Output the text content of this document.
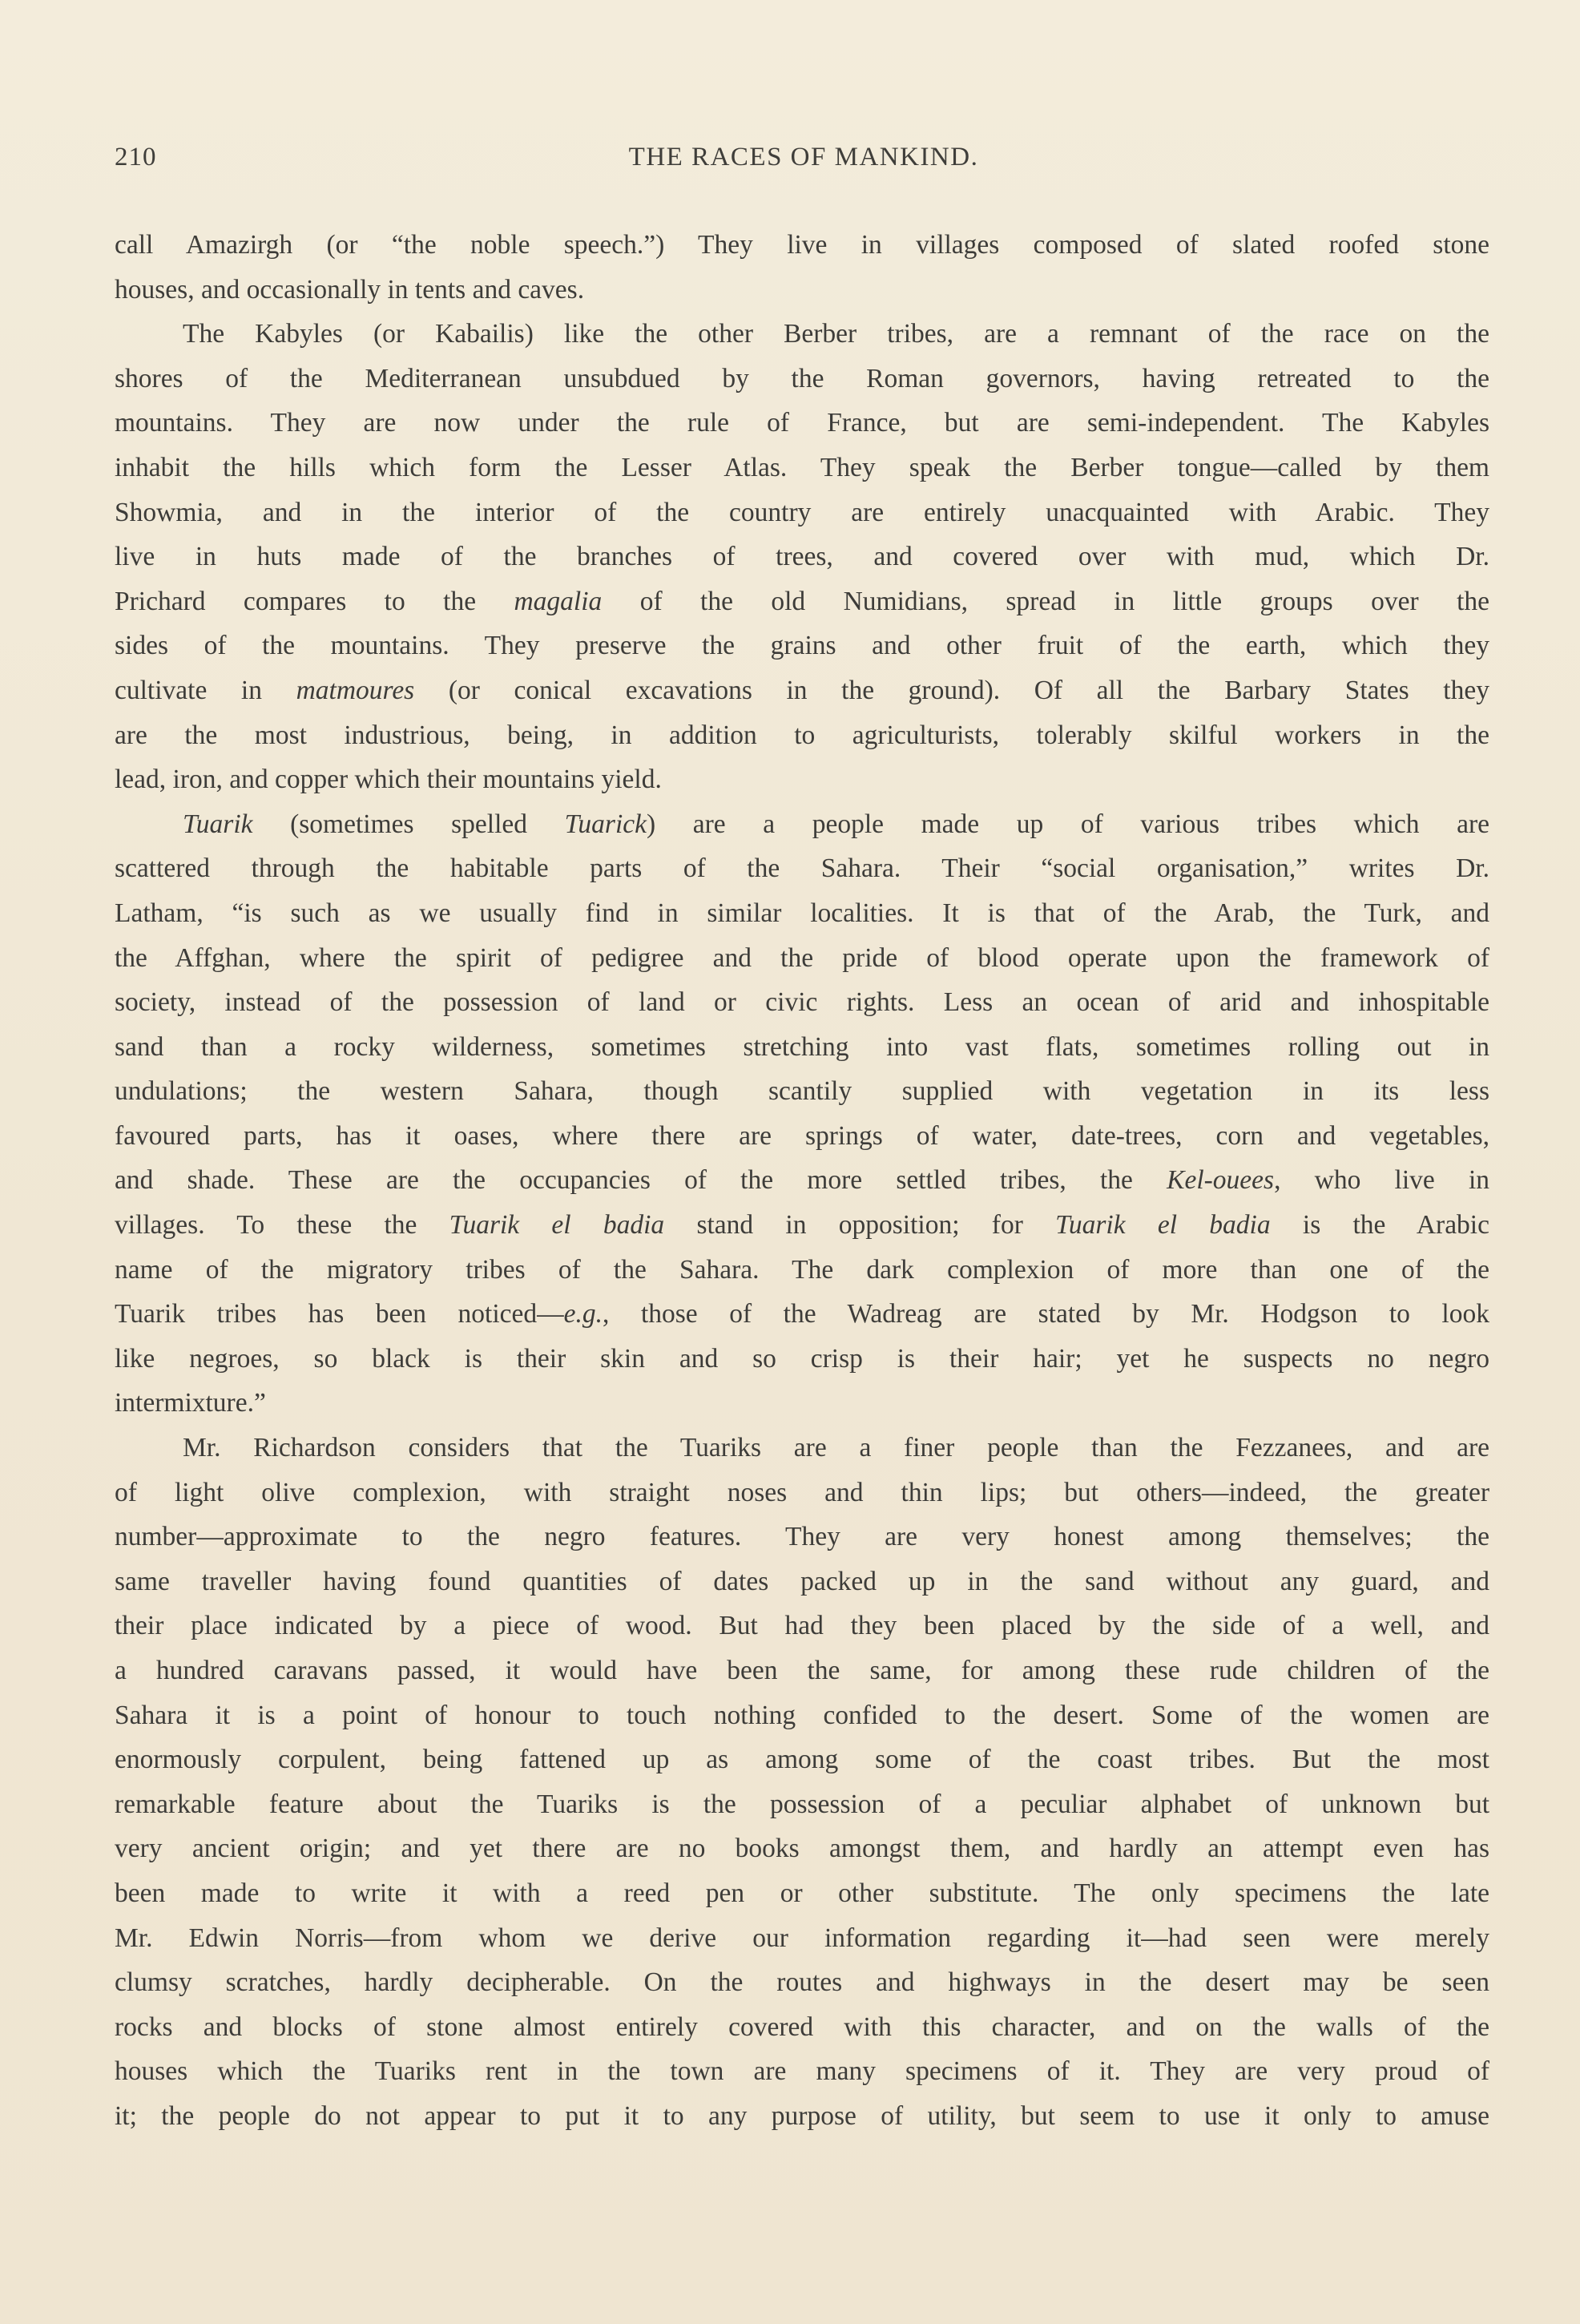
210	THE RACES OF MANKIND.
call Amazirgh (or “the noble speech.”) They live in villages composed of slated roofed stone
houses, and occasionally in tents and caves.
The Kabyles (or Kabailis) like the other Berber tribes, are a remnant of the race on the
shores of the Mediterranean unsubdued by the Roman governors, having retreated to the
mountains. They are now under the rule of France, but are semi-independent. The Kabyles
inhabit the hills which form the Lesser Atlas. They speak the Berber tongue—called by them
Showmia, and in the interior of the country are entirely unacquainted with Arabic. They
live in huts made of the branches of trees, and covered over with mud, which Dr.
Prichard compares to the magalia of the old Numidians, spread in little groups over the
sides of the mountains. They preserve the grains and other fruit of the earth, which they
cultivate in matmoures (or conical excavations in the ground). Of all the Barbary States they
are the most industrious, being, in addition to agriculturists, tolerably skilful workers in the
lead, iron, and copper which their mountains yield.
Tuarik (sometimes spelled Tuarick) are a people made up of various tribes which are
scattered through the habitable parts of the Sahara. Their “social organisation,” writes Dr.
Latham, “is such as we usually find in similar localities. It is that of the Arab, the Turk, and
the Affghan, where the spirit of pedigree and the pride of blood operate upon the framework of
society, instead of the possession of land or civic rights. Less an ocean of arid and inhospitable
sand than a rocky wilderness, sometimes stretching into vast flats, sometimes rolling out in
undulations; the western Sahara, though scantily supplied with vegetation in its less
favoured parts, has it oases, where there are springs of water, date-trees, corn and vegetables,
and shade. These are the occupancies of the more settled tribes, the Kel-ouees, who live in
villages. To these the Tuarik el badia stand in opposition; for Tuarik el badia is the Arabic
name of the migratory tribes of the Sahara. The dark complexion of more than one of the
Tuarik tribes has been noticed—e.g., those of the Wadreag are stated by Mr. Hodgson to look
like negroes, so black is their skin and so crisp is their hair; yet he suspects no negro
intermixture.”
Mr. Richardson considers that the Tuariks are a finer people than the Fezzanees, and are
of light olive complexion, with straight noses and thin lips; but others—indeed, the greater
number—approximate to the negro features. They are very honest among themselves; the
same traveller having found quantities of dates packed up in the sand without any guard, and
their place indicated by a piece of wood. But had they been placed by the side of a well, and
a hundred caravans passed, it would have been the same, for among these rude children of the
Sahara it is a point of honour to touch nothing confided to the desert. Some of the women are
enormously corpulent, being fattened up as among some of the coast tribes. But the most
remarkable feature about the Tuariks is the possession of a peculiar alphabet of unknown but
very ancient origin; and yet there are no books amongst them, and hardly an attempt even has
been made to write it with a reed pen or other substitute. The only specimens the late
Mr. Edwin Norris—from whom we derive our information regarding it—had seen were merely
clumsy scratches, hardly decipherable. On the routes and highways in the desert may be seen
rocks and blocks of stone almost entirely covered with this character, and on the walls of the
houses which the Tuariks rent in the town are many specimens of it. They are very proud of
it; the people do not appear to put it to any purpose of utility, but seem to use it only to amuse
